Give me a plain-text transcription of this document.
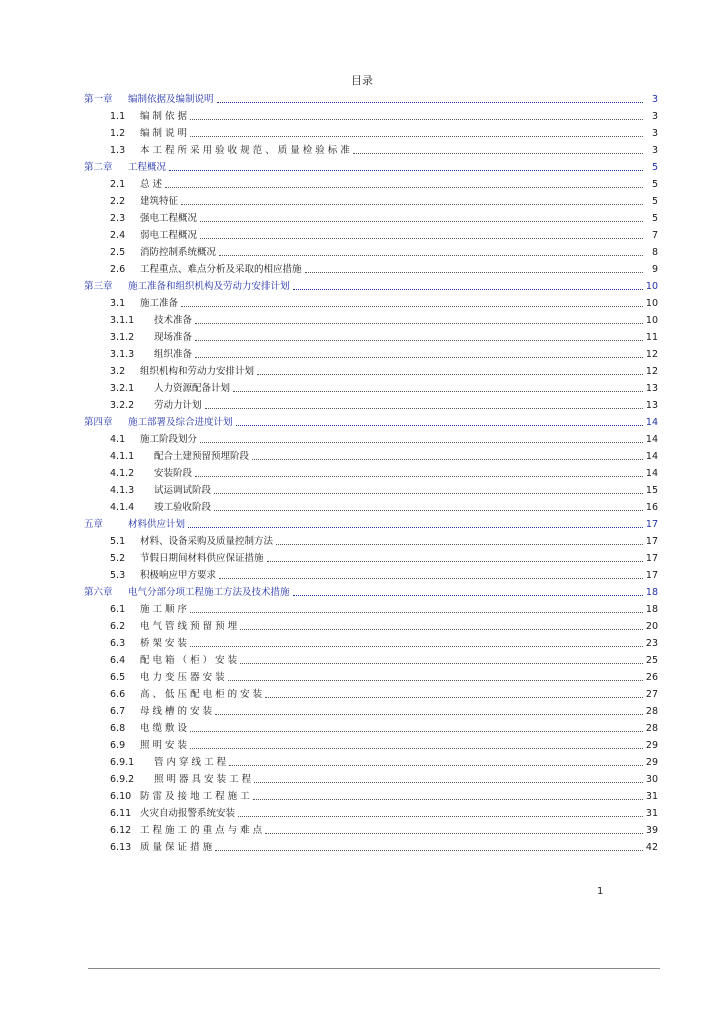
目录
第一章	编制依据及编制说明	3
1.1	编 制 依 据	3
1.2	编 制 说 明	3
1.3	本 工 程 所 采 用 验 收 规 范 、 质 量 检 验 标 准	3
第二章	工程概况	5
2.1	总 述	5
2.2	建筑特征	5
2.3	强电工程概况	5
2.4	弱电工程概况	7
2.5	消防控制系统概况	8
2.6	工程重点、难点分析及采取的相应措施	9
第三章	施工准备和组织机构及劳动力安排计划	10
3.1	施工准备	10
3.1.1	技术准备	10
3.1.2	现场准备	11
3.1.3	组织准备	12
3.2	组织机构和劳动力安排计划	12
3.2.1	人力资源配备计划	13
3.2.2	劳动力计划	13
第四章	施工部署及综合进度计划	14
4.1	施工阶段划分	14
4.1.1	配合土建预留预埋阶段	14
4.1.2	安装阶段	14
4.1.3	试运调试阶段	15
4.1.4	竣工验收阶段	16
五章	材料供应计划	17
5.1	材料、设备采购及质量控制方法	17
5.2	节假日期间材料供应保证措施	17
5.3	积极响应甲方要求	17
第六章	电气分部分项工程施工方法及技术措施	18
6.1	施 工 顺 序	18
6.2	电 气 管 线 预 留 预 埋	20
6.3	桥 架 安 装	23
6.4	配 电 箱 （ 柜 ） 安 装	25
6.5	电 力 变 压 器 安 装	26
6.6	高 、 低 压 配 电 柜 的 安 装	27
6.7	母 线 槽 的 安 装	28
6.8	电 缆 敷 设	28
6.9	照 明 安 装	29
6.9.1	管 内 穿 线 工 程	29
6.9.2	照 明 器 具 安 装 工 程	30
6.10 防 雷 及 接 地 工 程 施 工	31
6.11 火灾自动报警系统安装	31
6.12 工 程 施 工 的 重 点 与 难 点	39
6.13 质 量 保 证 措 施	42
1
